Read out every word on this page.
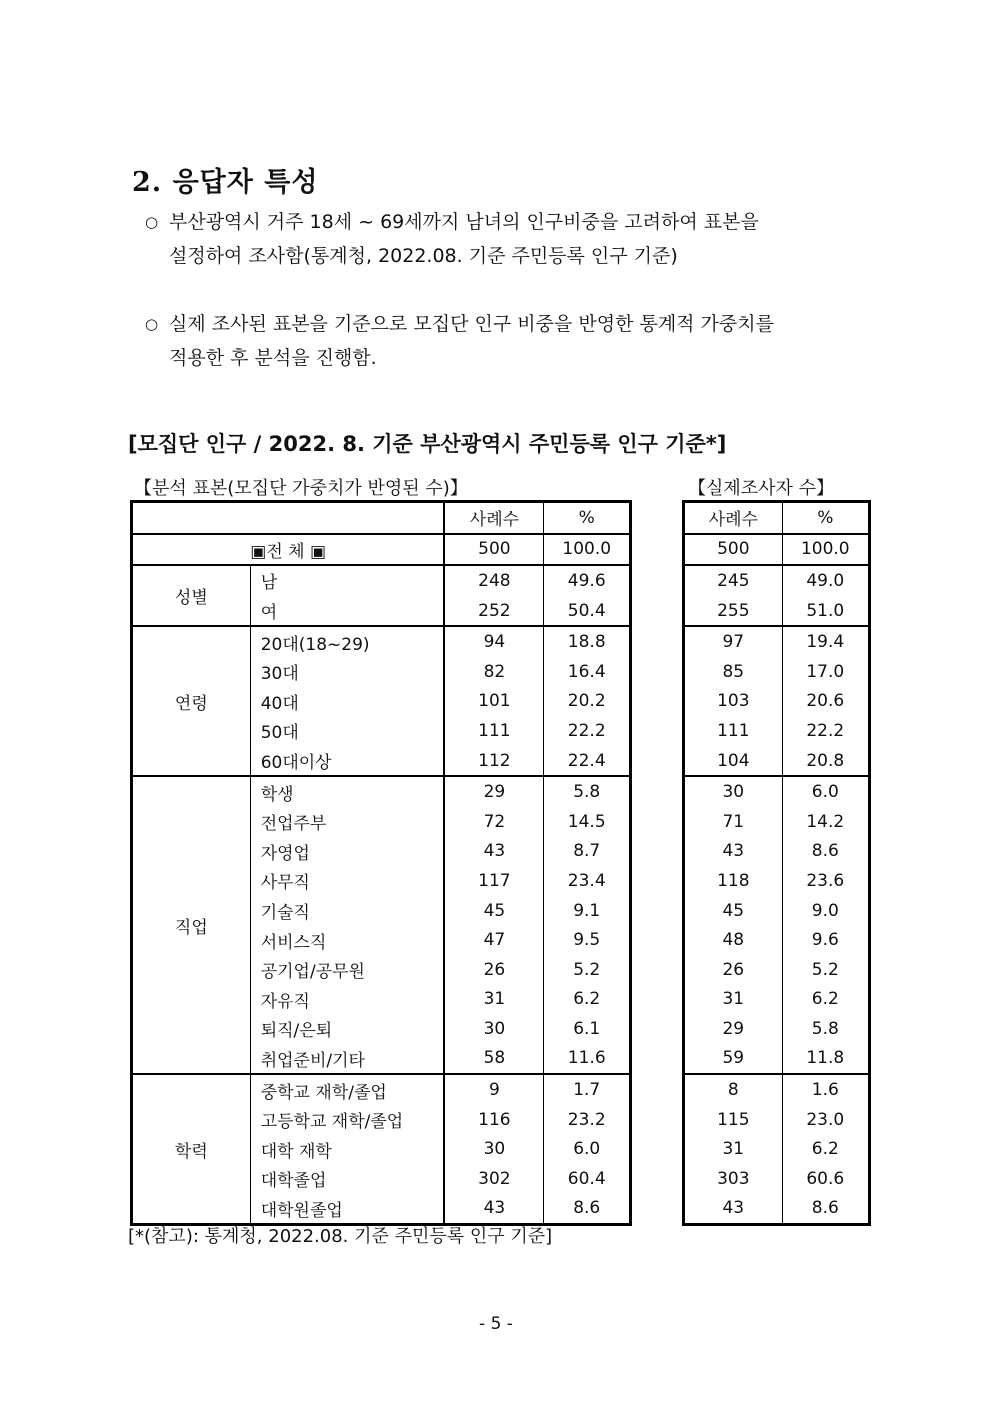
2. 응답자 특성
○ 부산광역시 거주 18세 ~ 69세까지 남녀의 인구비중을 고려하여 표본을
설정하여 조사함(통계청, 2022.08. 기준 주민등록 인구 기준)
○ 실제 조사된 표본을 기준으로 모집단 인구 비중을 반영한 통계적 가중치를
적용한 후 분석을 진행함.
[모집단 인구 / 2022. 8. 기준 부산광역시 주민등록 인구 기준*]
【분석 표본(모집단 가중치가 반영된 수)】	【실제조사자 수】
		사례수	%
▣전 체 ▣		500	100.0
성별	남	248	49.6
	여	252	50.4
연령	20대(18~29)	94	18.8
	30대	82	16.4
	40대	101	20.2
	50대	111	22.2
	60대이상	112	22.4
직업	학생	29	5.8
	전업주부	72	14.5
	자영업	43	8.7
	사무직	117	23.4
	기술직	45	9.1
	서비스직	47	9.5
	공기업/공무원	26	5.2
	자유직	31	6.2
	퇴직/은퇴	30	6.1
	취업준비/기타	58	11.6
학력	중학교 재학/졸업	9	1.7
	고등학교 재학/졸업	116	23.2
	대학 재학	30	6.0
	대학졸업	302	60.4
	대학원졸업	43	8.6
사례수	%
500	100.0
245	49.0
255	51.0
97	19.4
85	17.0
103	20.6
111	22.2
104	20.8
30	6.0
71	14.2
43	8.6
118	23.6
45	9.0
48	9.6
26	5.2
31	6.2
29	5.8
59	11.8
8	1.6
115	23.0
31	6.2
303	60.6
43	8.6
[*(참고): 통계청, 2022.08. 기준 주민등록 인구 기준]
- 5 -
